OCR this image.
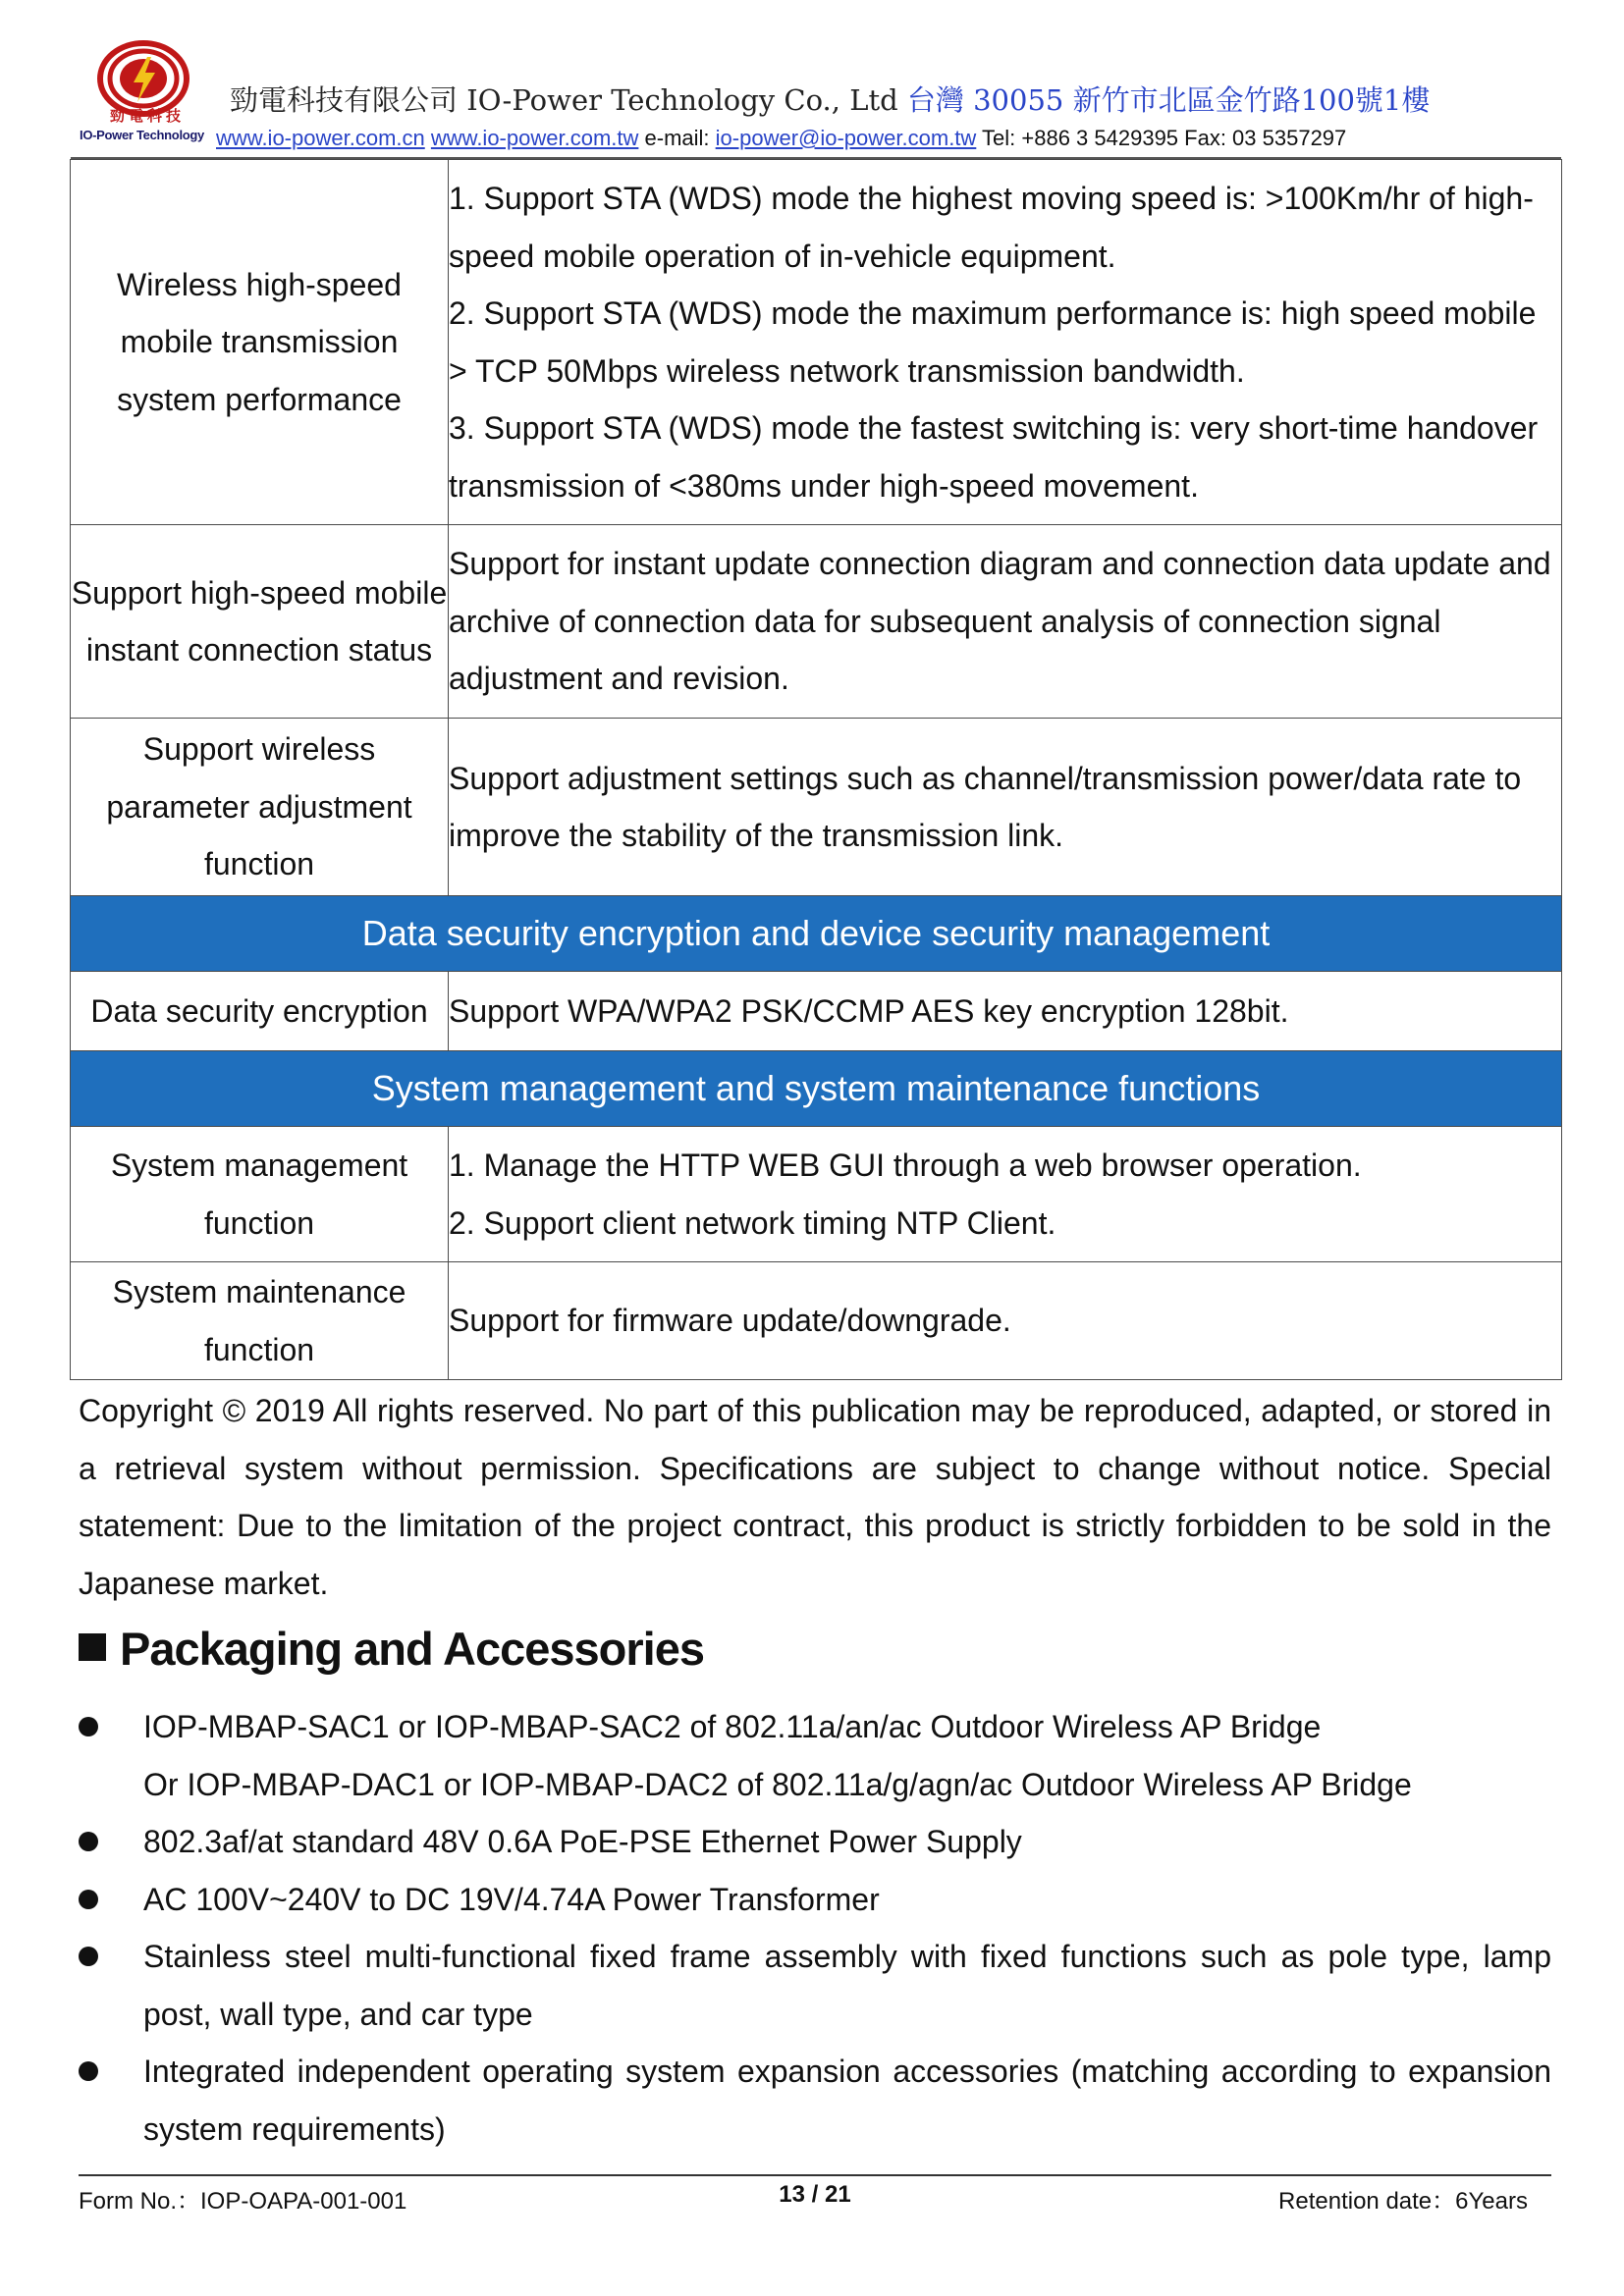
勁電科技
IO-Power Technology
勁電科技有限公司 IO-Power Technology Co., Ltd 台灣 30055 新竹市北區金竹路100號1樓
www.io-power.com.cn www.io-power.com.tw e-mail: io-power@io-power.com.tw Tel: +886 3 5429395 Fax: 03 5357297
Wireless high-speed mobile transmission system performance	1. Support STA (WDS) mode the highest moving speed is: >100Km/hr of high-speed mobile operation of in-vehicle equipment.
2. Support STA (WDS) mode the maximum performance is: high speed mobile > TCP 50Mbps wireless network transmission bandwidth.
3. Support STA (WDS) mode the fastest switching is: very short-time handover transmission of <380ms under high-speed movement.

Support high-speed mobile instant connection status	Support for instant update connection diagram and connection data update and archive of connection data for subsequent analysis of connection signal adjustment and revision.

Support wireless parameter adjustment function	Support adjustment settings such as channel/transmission power/data rate to improve the stability of the transmission link.

Data security encryption and device security management	
Data security encryption	Support WPA/WPA2 PSK/CCMP AES key encryption 128bit.

System management and system maintenance functions	
System management function	1. Manage the HTTP WEB GUI through a web browser operation.
2. Support client network timing NTP Client.

System maintenance function	Support for firmware update/downgrade.
Copyright © 2019 All rights reserved. No part of this publication may be reproduced, adapted, or stored in a retrieval system without permission. Specifications are subject to change without notice. Special statement: Due to the limitation of the project contract, this product is strictly forbidden to be sold in the Japanese market.
Packaging and Accessories
IOP-MBAP-SAC1 or IOP-MBAP-SAC2 of 802.11a/an/ac Outdoor Wireless AP Bridge
Or IOP-MBAP-DAC1 or IOP-MBAP-DAC2 of 802.11a/g/agn/ac Outdoor Wireless AP Bridge
802.3af/at standard 48V 0.6A PoE-PSE Ethernet Power Supply
AC 100V~240V to DC 19V/4.74A Power Transformer
Stainless steel multi-functional fixed frame assembly with fixed functions such as pole type, lamp post, wall type, and car type
Integrated independent operating system expansion accessories (matching according to expansion system requirements)
Form No.：IOP-OAPA-001-001	13 / 21	Retention date：6Years
